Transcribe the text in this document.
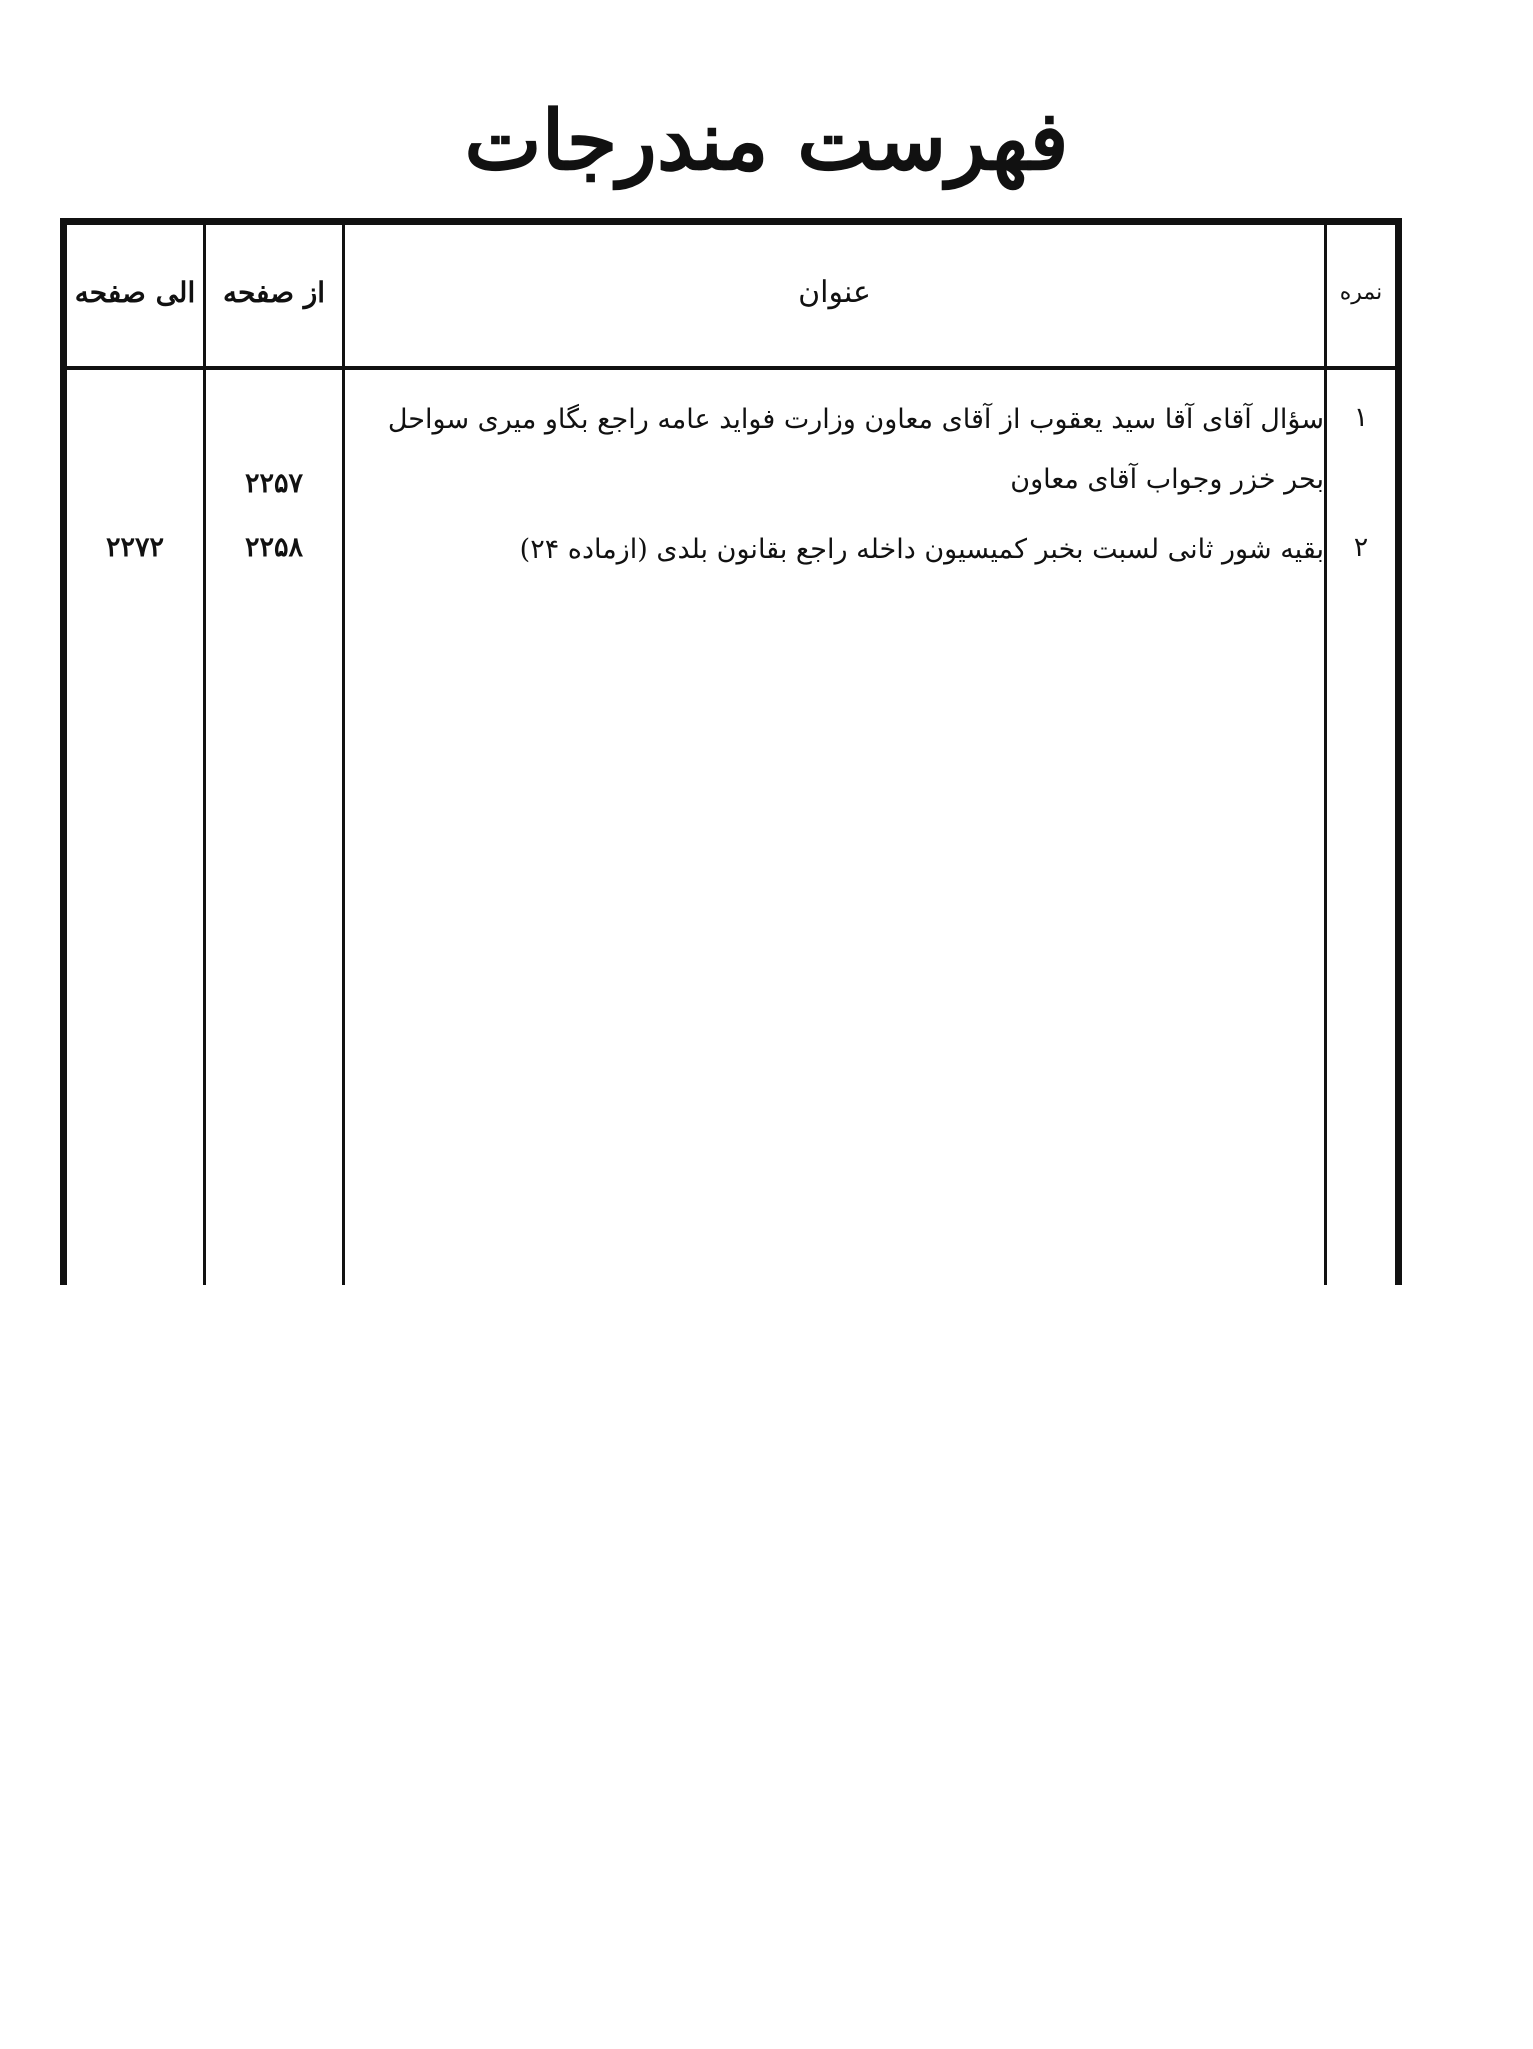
فهرست مندرجات
الی صفحه از صفحه	عنوان	نمره
۱
سؤال آقای آقا سید یعقوب از آقای معاون وزارت فواید عامه راجع بگاو میری سواحل بحر خزر وجواب آقای معاون
۲۲۵۷
۲
بقیه شور ثانی لسبت بخبر کمیسیون داخله راجع بقانون بلدی (ازماده ۲۴)
۲۲۵۸
۲۲۷۲
